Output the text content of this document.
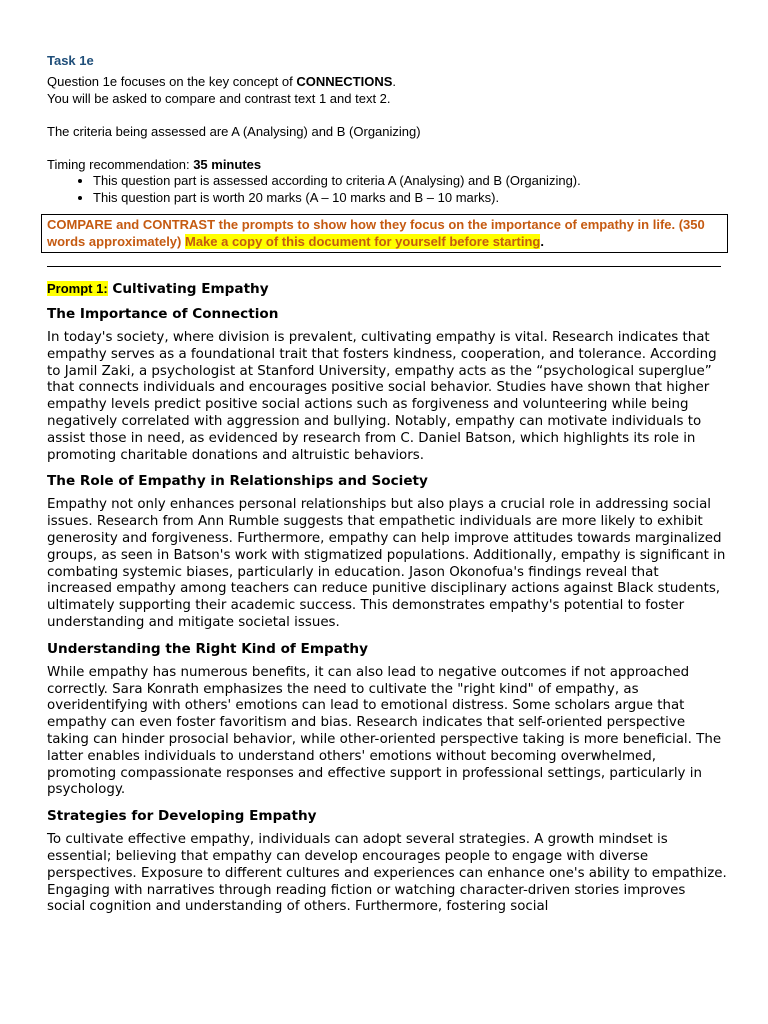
Task 1e

Question 1e focuses on the key concept of CONNECTIONS.

You will be asked to compare and contrast text 1 and text 2.

The criteria being assessed are A (Analysing) and B (Organizing)

Timing recommendation: 35 minutes

• This question part is assessed according to criteria A (Analysing) and B (Organizing).
• This question part is worth 20 marks (A – 10 marks and B – 10 marks).
COMPARE and CONTRAST the prompts to show how they focus on the importance of empathy in life. (350 words approximately) Make a copy of this document for yourself before starting.
Prompt 1: Cultivating Empathy
The Importance of Connection

In today's society, where division is prevalent, cultivating empathy is vital. Research indicates that empathy serves as a foundational trait that fosters kindness, cooperation, and tolerance. According to Jamil Zaki, a psychologist at Stanford University, empathy acts as the “psychological superglue” that connects individuals and encourages positive social behavior. Studies have shown that higher empathy levels predict positive social actions such as forgiveness and volunteering while being negatively correlated with aggression and bullying. Notably, empathy can motivate individuals to assist those in need, as evidenced by research from C. Daniel Batson, which highlights its role in promoting charitable donations and altruistic behaviors.

The Role of Empathy in Relationships and Society

Empathy not only enhances personal relationships but also plays a crucial role in addressing social issues. Research from Ann Rumble suggests that empathetic individuals are more likely to exhibit generosity and forgiveness. Furthermore, empathy can help improve attitudes towards marginalized groups, as seen in Batson's work with stigmatized populations. Additionally, empathy is significant in combating systemic biases, particularly in education. Jason Okonofua's findings reveal that increased empathy among teachers can reduce punitive disciplinary actions against Black students, ultimately supporting their academic success. This demonstrates empathy's potential to foster understanding and mitigate societal issues.

Understanding the Right Kind of Empathy

While empathy has numerous benefits, it can also lead to negative outcomes if not approached correctly. Sara Konrath emphasizes the need to cultivate the "right kind" of empathy, as overidentifying with others' emotions can lead to emotional distress. Some scholars argue that empathy can even foster favoritism and bias. Research indicates that self-oriented perspective taking can hinder prosocial behavior, while other-oriented perspective taking is more beneficial. The latter enables individuals to understand others' emotions without becoming overwhelmed, promoting compassionate responses and effective support in professional settings, particularly in psychology.

Strategies for Developing Empathy

To cultivate effective empathy, individuals can adopt several strategies. A growth mindset is essential; believing that empathy can develop encourages people to engage with diverse perspectives. Exposure to different cultures and experiences can enhance one's ability to empathize. Engaging with narratives through reading fiction or watching character-driven stories improves social cognition and understanding of others. Furthermore, fostering social
